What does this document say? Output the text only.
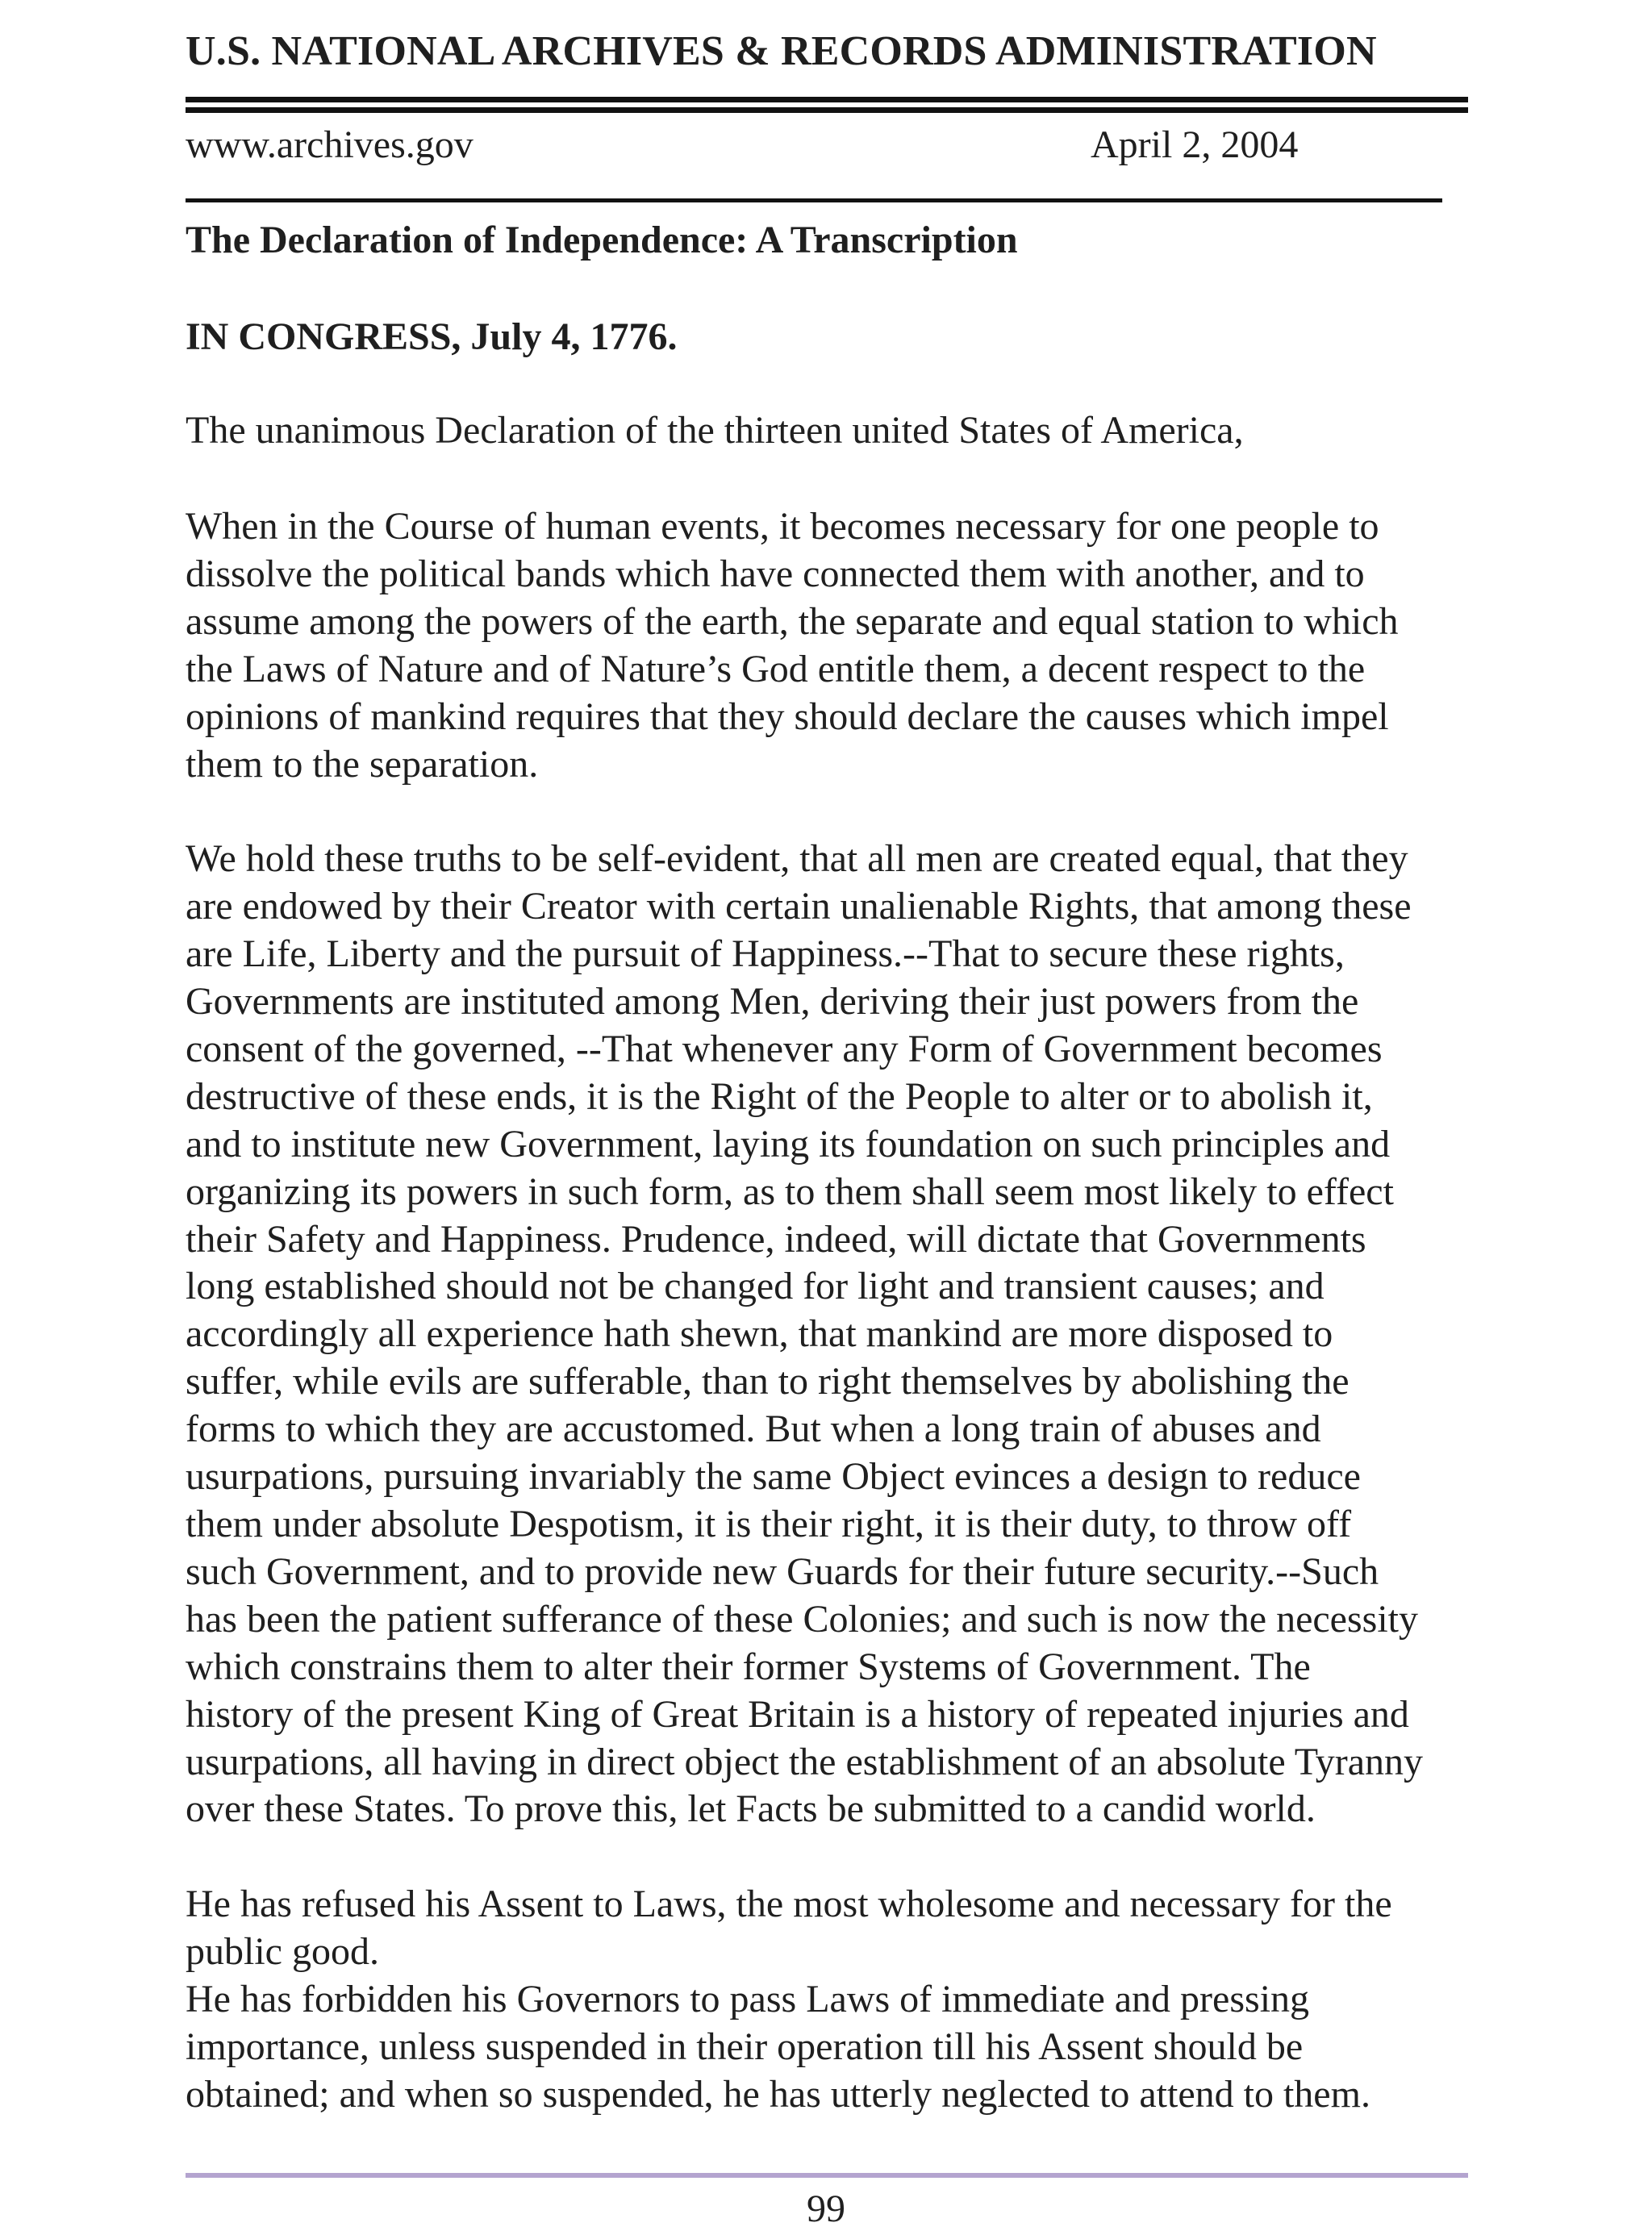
U.S. NATIONAL ARCHIVES & RECORDS ADMINISTRATION
www.archives.gov	April 2, 2004
The Declaration of Independence: A Transcription
IN CONGRESS, July 4, 1776.
The unanimous Declaration of the thirteen united States of America,

When in the Course of human events, it becomes necessary for one people to
dissolve the political bands which have connected them with another, and to
assume among the powers of the earth, the separate and equal station to which
the Laws of Nature and of Nature’s God entitle them, a decent respect to the
opinions of mankind requires that they should declare the causes which impel
them to the separation.

We hold these truths to be self-evident, that all men are created equal, that they
are endowed by their Creator with certain unalienable Rights, that among these
are Life, Liberty and the pursuit of Happiness.--That to secure these rights,
Governments are instituted among Men, deriving their just powers from the
consent of the governed, --That whenever any Form of Government becomes
destructive of these ends, it is the Right of the People to alter or to abolish it,
and to institute new Government, laying its foundation on such principles and
organizing its powers in such form, as to them shall seem most likely to effect
their Safety and Happiness. Prudence, indeed, will dictate that Governments
long established should not be changed for light and transient causes; and
accordingly all experience hath shewn, that mankind are more disposed to
suffer, while evils are sufferable, than to right themselves by abolishing the
forms to which they are accustomed. But when a long train of abuses and
usurpations, pursuing invariably the same Object evinces a design to reduce
them under absolute Despotism, it is their right, it is their duty, to throw off
such Government, and to provide new Guards for their future security.--Such
has been the patient sufferance of these Colonies; and such is now the necessity
which constrains them to alter their former Systems of Government. The
history of the present King of Great Britain is a history of repeated injuries and
usurpations, all having in direct object the establishment of an absolute Tyranny
over these States. To prove this, let Facts be submitted to a candid world.

He has refused his Assent to Laws, the most wholesome and necessary for the
public good.

He has forbidden his Governors to pass Laws of immediate and pressing
importance, unless suspended in their operation till his Assent should be
obtained; and when so suspended, he has utterly neglected to attend to them.

99
